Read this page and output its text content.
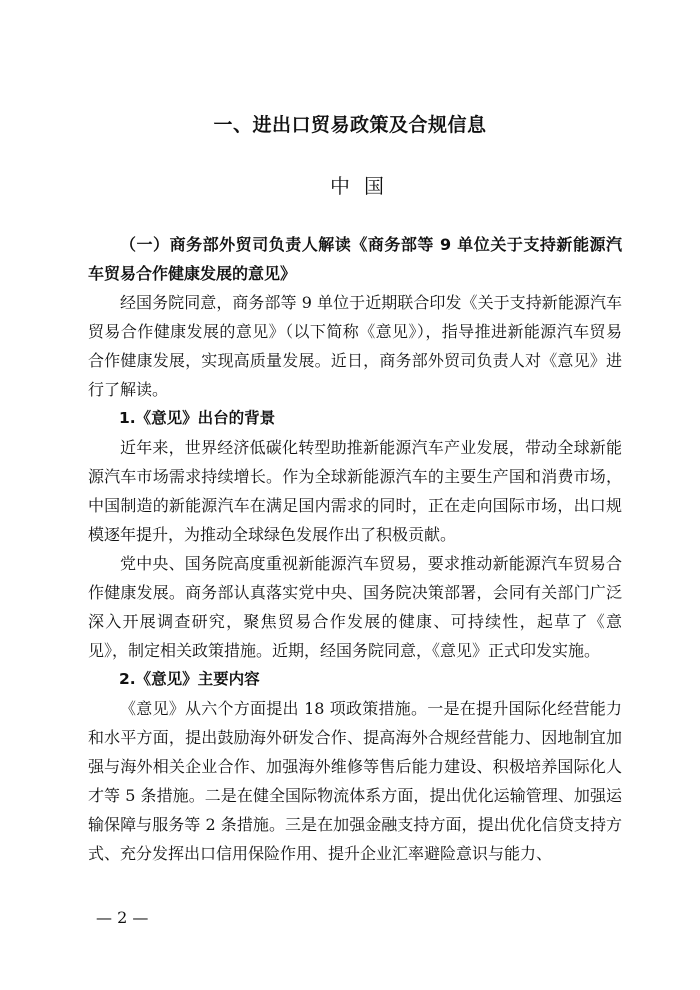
一、进出口贸易政策及合规信息
中国

（一）商务部外贸司负责人解读《商务部等 9 单位关于支持新能源汽车贸易合作健康发展的意见》

经国务院同意，商务部等 9 单位于近期联合印发《关于支持新能源汽车贸易合作健康发展的意见》（以下简称《意见》），指导推进新能源汽车贸易合作健康发展，实现高质量发展。近日，商务部外贸司负责人对《意见》进行了解读。

1.《意见》出台的背景

近年来，世界经济低碳化转型助推新能源汽车产业发展，带动全球新能源汽车市场需求持续增长。作为全球新能源汽车的主要生产国和消费市场，中国制造的新能源汽车在满足国内需求的同时，正在走向国际市场，出口规模逐年提升，为推动全球绿色发展作出了积极贡献。

党中央、国务院高度重视新能源汽车贸易，要求推动新能源汽车贸易合作健康发展。商务部认真落实党中央、国务院决策部署，会同有关部门广泛深入开展调查研究，聚焦贸易合作发展的健康、可持续性，起草了《意见》，制定相关政策措施。近期，经国务院同意，《意见》正式印发实施。

2.《意见》主要内容

《意见》从六个方面提出 18 项政策措施。一是在提升国际化经营能力和水平方面，提出鼓励海外研发合作、提高海外合规经营能力、因地制宜加强与海外相关企业合作、加强海外维修等售后能力建设、积极培养国际化人才等 5 条措施。二是在健全国际物流体系方面，提出优化运输管理、加强运输保障与服务等 2 条措施。三是在加强金融支持方面，提出优化信贷支持方式、充分发挥出口信用保险作用、提升企业汇率避险意识与能力、

— 2 —
